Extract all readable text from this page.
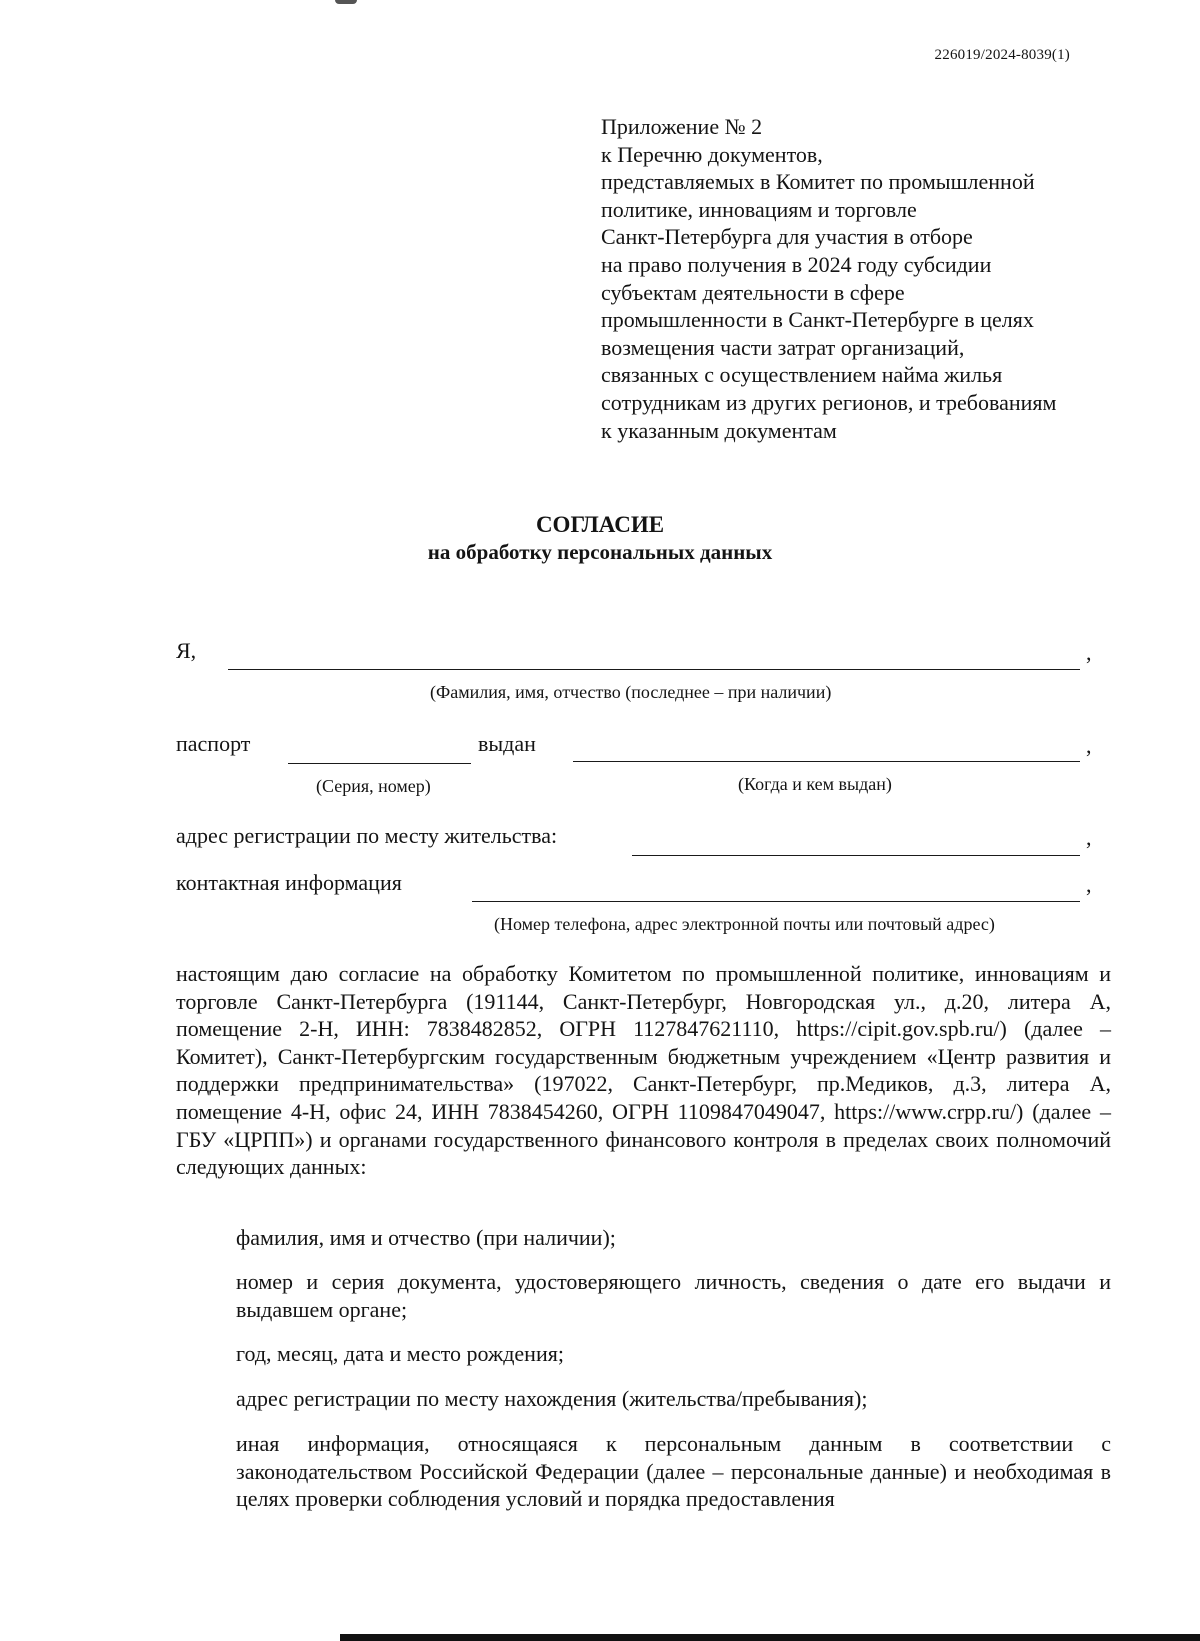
226019/2024-8039(1)
Приложение № 2
к Перечню документов,
представляемых в Комитет по промышленной
политике, инновациям и торговле
Санкт-Петербурга для участия в отборе
на право получения в 2024 году субсидии
субъектам деятельности в сфере
промышленности в Санкт-Петербурге в целях
возмещения части затрат организаций,
связанных с осуществлением найма жилья
сотрудникам из других регионов, и требованиям
к указанным документам
СОГЛАСИЕ
на обработку персональных данных
Я,	,
(Фамилия, имя, отчество (последнее – при наличии)
паспорт	выдан	,
(Серия, номер)	(Когда и кем выдан)
адрес регистрации по месту жительства:	,
контактная информация	,
(Номер телефона, адрес электронной почты или почтовый адрес)

настоящим даю согласие на обработку Комитетом по промышленной политике, инновациям и торговле Санкт-Петербурга (191144, Санкт-Петербург, Новгородская ул., д.20, литера А, помещение 2-Н, ИНН: 7838482852, ОГРН 1127847621110, https://cipit.gov.spb.ru/) (далее – Комитет), Санкт-Петербургским государственным бюджетным учреждением «Центр развития и поддержки предпринимательства» (197022, Санкт-Петербург, пр.Медиков, д.3, литера А, помещение 4-Н, офис 24, ИНН 7838454260, ОГРН 1109847049047, https://www.crpp.ru/) (далее – ГБУ «ЦРПП») и органами государственного финансового контроля в пределах своих полномочий следующих данных:

фамилия, имя и отчество (при наличии);

номер и серия документа, удостоверяющего личность, сведения о дате его выдачи и выдавшем органе;

год, месяц, дата и место рождения;

адрес регистрации по месту нахождения (жительства/пребывания);

иная информация, относящаяся к персональным данным в соответствии с законодательством Российской Федерации (далее – персональные данные) и необходимая в целях проверки соблюдения условий и порядка предоставления
